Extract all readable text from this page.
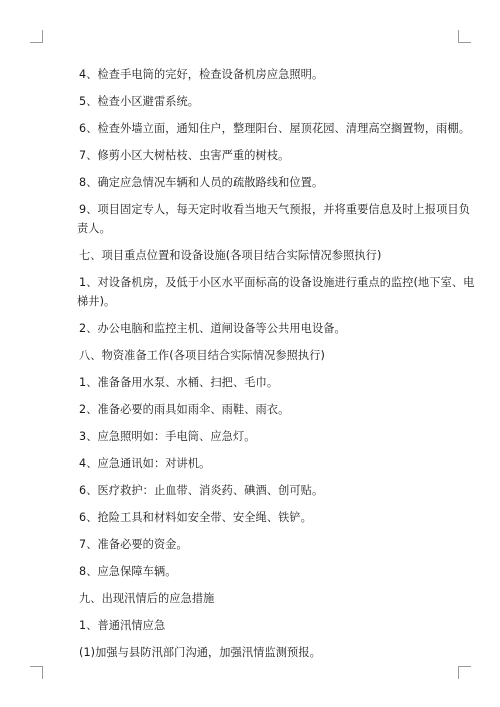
4、检查手电筒的完好，检查设备机房应急照明。
5、检查小区避雷系统。
6、检查外墙立面，通知住户，整理阳台、屋顶花园、清理高空搁置物，雨棚。
7、修剪小区大树枯枝、虫害严重的树枝。
8、确定应急情况车辆和人员的疏散路线和位置。
9、项目固定专人，每天定时收看当地天气预报，并将重要信息及时上报项目负
责人。
七、项目重点位置和设备设施(各项目结合实际情况参照执行)
1、对设备机房，及低于小区水平面标高的设备设施进行重点的监控(地下室、电
梯井)。
2、办公电脑和监控主机、道闸设备等公共用电设备。
八、物资准备工作(各项目结合实际情况参照执行)
1、准备备用水泵、水桶、扫把、毛巾。
2、准备必要的雨具如雨伞、雨鞋、雨衣。
3、应急照明如：手电筒、应急灯。
4、应急通讯如：对讲机。
6、医疗救护：止血带、消炎药、碘酒、创可贴。
6、抢险工具和材料如安全带、安全绳、铁铲。
7、准备必要的资金。
8、应急保障车辆。
九、出现汛情后的应急措施
1、普通汛情应急
(1)加强与县防汛部门沟通，加强汛情监测预报。
